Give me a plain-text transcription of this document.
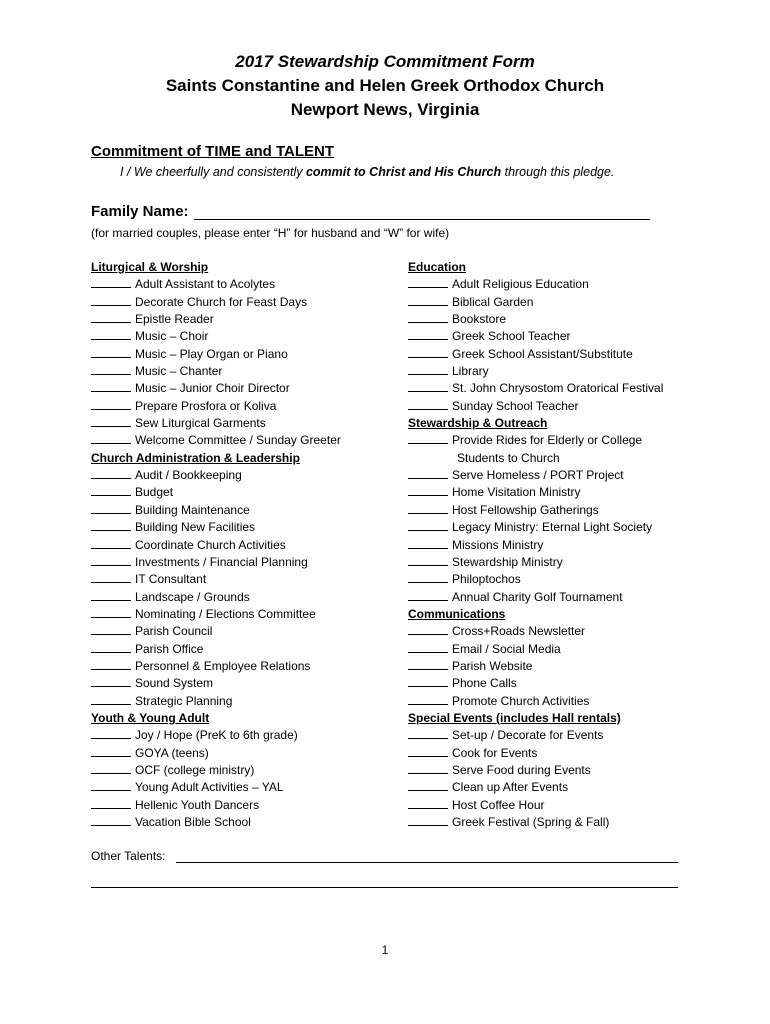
2017 Stewardship Commitment Form
Saints Constantine and Helen Greek Orthodox Church
Newport News, Virginia
Commitment of TIME and TALENT
I / We cheerfully and consistently commit to Christ and His Church through this pledge.
Family Name:
(for married couples, please enter “H” for husband and “W” for wife)
Liturgical & Worship
Adult Assistant to Acolytes
Decorate Church for Feast Days
Epistle Reader
Music – Choir
Music – Play Organ or Piano
Music – Chanter
Music – Junior Choir Director
Prepare Prosfora or Koliva
Sew Liturgical Garments
Welcome Committee / Sunday Greeter
Church Administration & Leadership
Audit / Bookkeeping
Budget
Building Maintenance
Building New Facilities
Coordinate Church Activities
Investments / Financial Planning
IT Consultant
Landscape / Grounds
Nominating / Elections Committee
Parish Council
Parish Office
Personnel & Employee Relations
Sound System
Strategic Planning
Youth & Young Adult
Joy / Hope (PreK to 6th grade)
GOYA (teens)
OCF (college ministry)
Young Adult Activities – YAL
Hellenic Youth Dancers
Vacation Bible School
Education
Adult Religious Education
Biblical Garden
Bookstore
Greek School Teacher
Greek School Assistant/Substitute
Library
St. John Chrysostom Oratorical Festival
Sunday School Teacher
Stewardship & Outreach
Provide Rides for Elderly or College
Students to Church
Serve Homeless / PORT Project
Home Visitation Ministry
Host Fellowship Gatherings
Legacy Ministry: Eternal Light Society
Missions Ministry
Stewardship Ministry
Philoptochos
Annual Charity Golf Tournament
Communications
Cross+Roads Newsletter
Email / Social Media
Parish Website
Phone Calls
Promote Church Activities
Special Events (includes Hall rentals)
Set-up / Decorate for Events
Cook for Events
Serve Food during Events
Clean up After Events
Host Coffee Hour
Greek Festival (Spring & Fall)
Other Talents:
1
